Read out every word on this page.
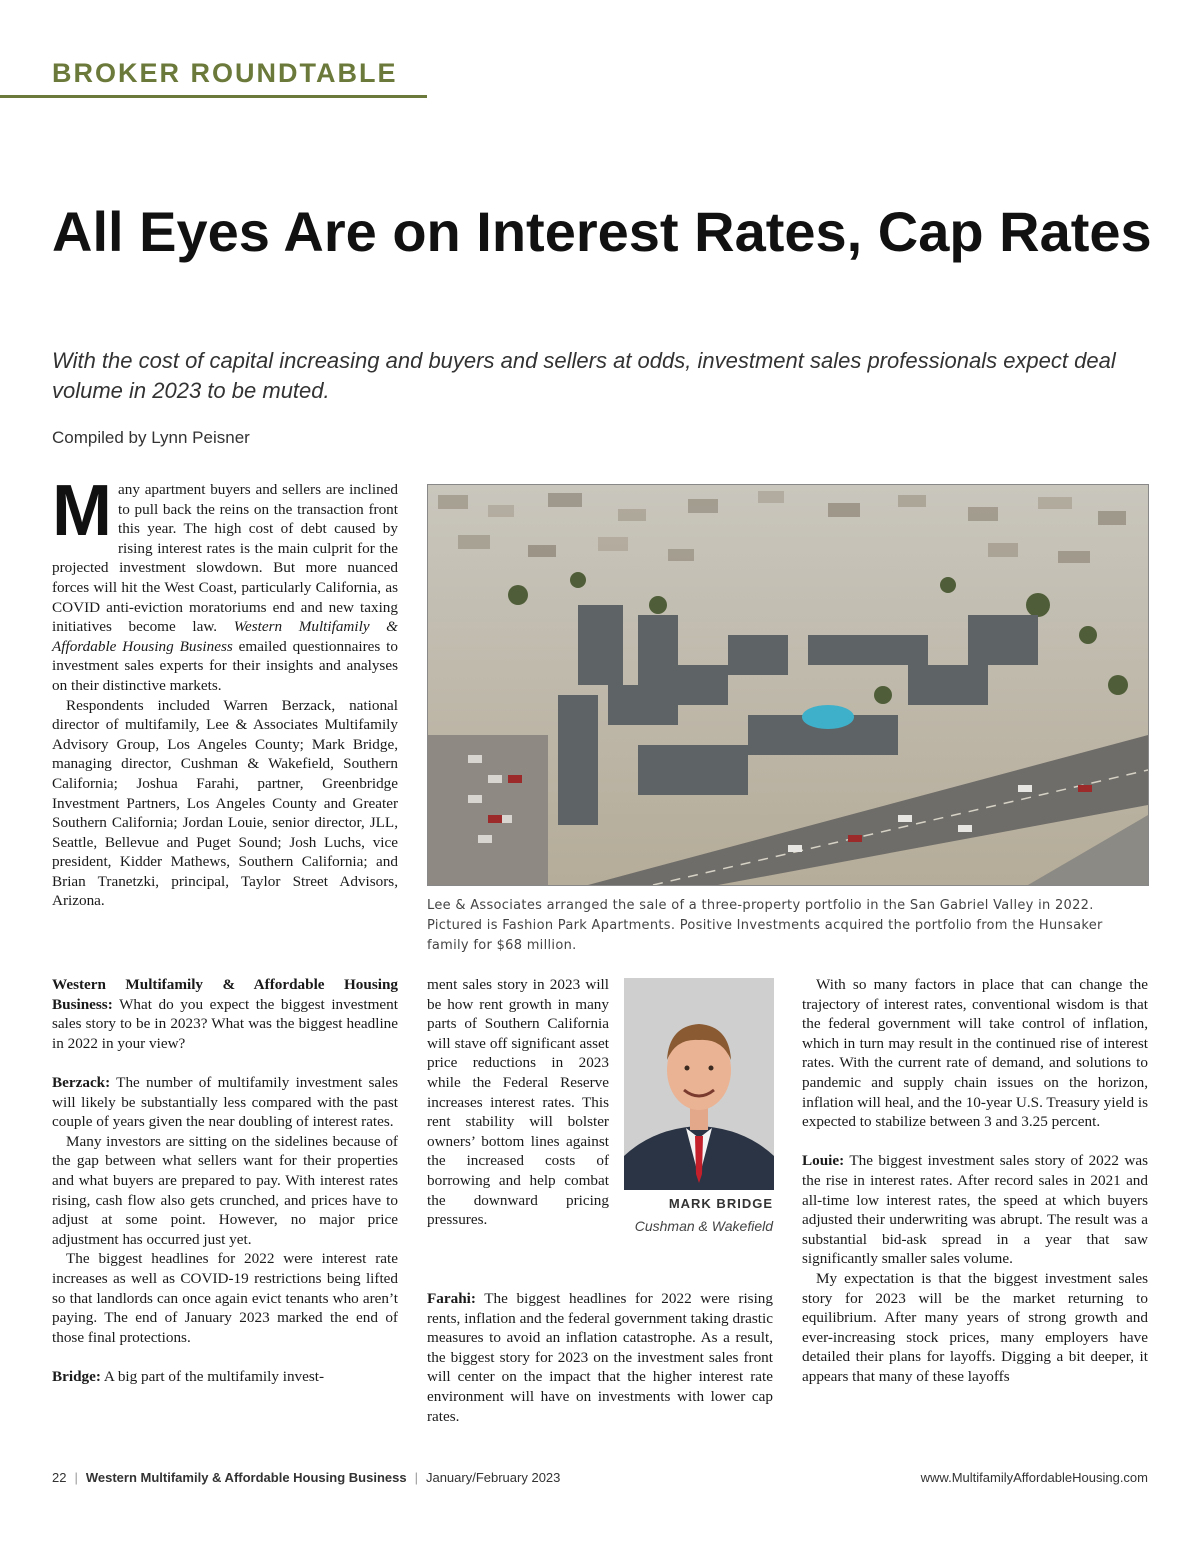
BROKER ROUNDTABLE
All Eyes Are on Interest Rates, Cap Rates

With the cost of capital increasing and buyers and sellers at odds, investment sales professionals expect deal volume in 2023 to be muted.

Compiled by Lynn Peisner
M any apartment buyers and sellers are inclined to pull back the reins on the transaction front this year. The high cost of debt caused by rising interest rates is the main culprit for the projected investment slowdown. But more nuanced forces will hit the West Coast, particularly California, as COVID anti-eviction moratoriums end and new taxing initiatives become law. Western Multifamily & Affordable Housing Business emailed questionnaires to investment sales experts for their insights and analyses on their distinctive markets.

Respondents included Warren Berzack, national director of multifamily, Lee & Associates Multifamily Advisory Group, Los Angeles County; Mark Bridge, managing director, Cushman & Wakefield, Southern California; Joshua Farahi, partner, Greenbridge Investment Partners, Los Angeles County and Greater Southern California; Jordan Louie, senior director, JLL, Seattle, Bellevue and Puget Sound; Josh Luchs, vice president, Kidder Mathews, Southern California; and Brian Tranetzki, principal, Taylor Street Advisors, Arizona.	Lee & Associates arranged the sale of a three-property portfolio in the San Gabriel Valley in 2022. Pictured is Fashion Park Apartments. Positive Investments acquired the portfolio from the Hunsaker family for $68 million.

Western Multifamily & Affordable Housing Business: What do you expect the biggest investment sales story to be in 2023? What was the biggest headline in 2022 in your view?

Berzack: The number of multifamily investment sales will likely be substantially less compared with the past couple of years given the near doubling of interest rates.

Many investors are sitting on the sidelines because of the gap between what sellers want for their properties and what buyers are prepared to pay. With interest rates rising, cash flow also gets crunched, and prices have to adjust at some point. However, no major price adjustment has occurred just yet.

The biggest headlines for 2022 were interest rate increases as well as COVID-19 restrictions being lifted so that landlords can once again evict tenants who aren’t paying. The end of January 2023 marked the end of those final protections.

Bridge: A big part of the multifamily invest-

ment sales story in 2023 will be how rent growth in many parts of Southern California will stave off significant asset price reductions in 2023 while the Federal Reserve increases interest rates. This rent stability will bolster owners’ bottom lines against the increased costs of borrowing and help combat the downward pricing pressures.

MARK BRIDGE
Cushman & Wakefield

Farahi: The biggest headlines for 2022 were rising rents, inflation and the federal government taking drastic measures to avoid an inflation catastrophe. As a result, the biggest story for 2023 on the investment sales front will center on the impact that the higher interest rate environment will have on investments with lower cap rates.

With so many factors in place that can change the trajectory of interest rates, conventional wisdom is that the federal government will take control of inflation, which in turn may result in the continued rise of interest rates. With the current rate of demand, and solutions to pandemic and supply chain issues on the horizon, inflation will heal, and the 10-year U.S. Treasury yield is expected to stabilize between 3 and 3.25 percent.

Louie: The biggest investment sales story of 2022 was the rise in interest rates. After record sales in 2021 and all-time low interest rates, the speed at which buyers adjusted their underwriting was abrupt. The result was a substantial bid-ask spread in a year that saw significantly smaller sales volume.

My expectation is that the biggest investment sales story for 2023 will be the market returning to equilibrium. After many years of strong growth and ever-increasing stock prices, many employers have detailed their plans for layoffs. Digging a bit deeper, it appears that many of these layoffs

22 | Western Multifamily & Affordable Housing Business | January/February 2023	www.MultifamilyAffordableHousing.com
